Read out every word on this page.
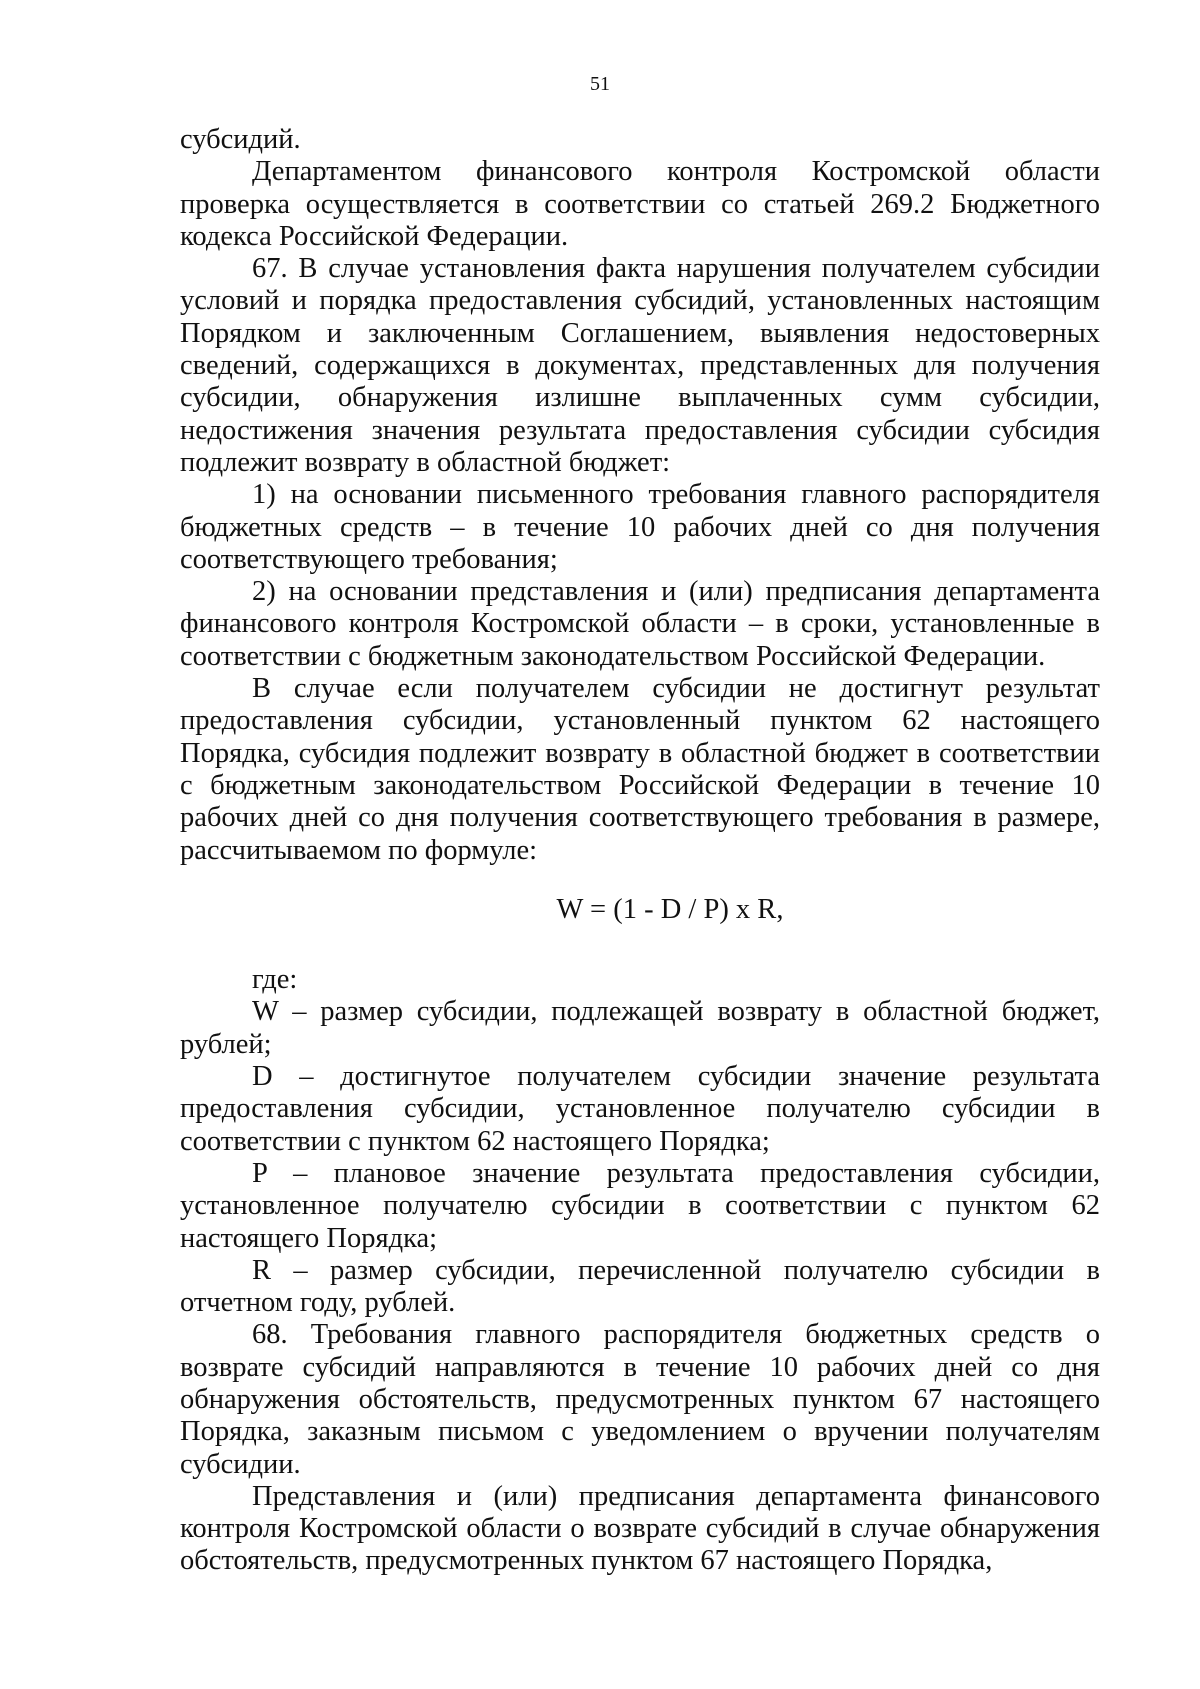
51

субсидий.

Департаментом финансового контроля Костромской области проверка осуществляется в соответствии со статьей 269.2 Бюджетного кодекса Российской Федерации.

67. В случае установления факта нарушения получателем субсидии условий и порядка предоставления субсидий, установленных настоящим Порядком и заключенным Соглашением, выявления недостоверных сведений, содержащихся в документах, представленных для получения субсидии, обнаружения излишне выплаченных сумм субсидии, недостижения значения результата предоставления субсидии субсидия подлежит возврату в областной бюджет:

1) на основании письменного требования главного распорядителя бюджетных средств – в течение 10 рабочих дней со дня получения соответствующего требования;

2) на основании представления и (или) предписания департамента финансового контроля Костромской области – в сроки, установленные в соответствии с бюджетным законодательством Российской Федерации.

В случае если получателем субсидии не достигнут результат предоставления субсидии, установленный пунктом 62 настоящего Порядка, субсидия подлежит возврату в областной бюджет в соответствии с бюджетным законодательством Российской Федерации в течение 10 рабочих дней со дня получения соответствующего требования в размере, рассчитываемом по формуле:

W = (1 - D / P) x R,

где:

W – размер субсидии, подлежащей возврату в областной бюджет, рублей;

D – достигнутое получателем субсидии значение результата предоставления субсидии, установленное получателю субсидии в соответствии с пунктом 62 настоящего Порядка;

P – плановое значение результата предоставления субсидии, установленное получателю субсидии в соответствии с пунктом 62 настоящего Порядка;

R – размер субсидии, перечисленной получателю субсидии в отчетном году, рублей.

68. Требования главного распорядителя бюджетных средств о возврате субсидий направляются в течение 10 рабочих дней со дня обнаружения обстоятельств, предусмотренных пунктом 67 настоящего Порядка, заказным письмом с уведомлением о вручении получателям субсидии.

Представления и (или) предписания департамента финансового контроля Костромской области о возврате субсидий в случае обнаружения обстоятельств, предусмотренных пунктом 67 настоящего Порядка,
